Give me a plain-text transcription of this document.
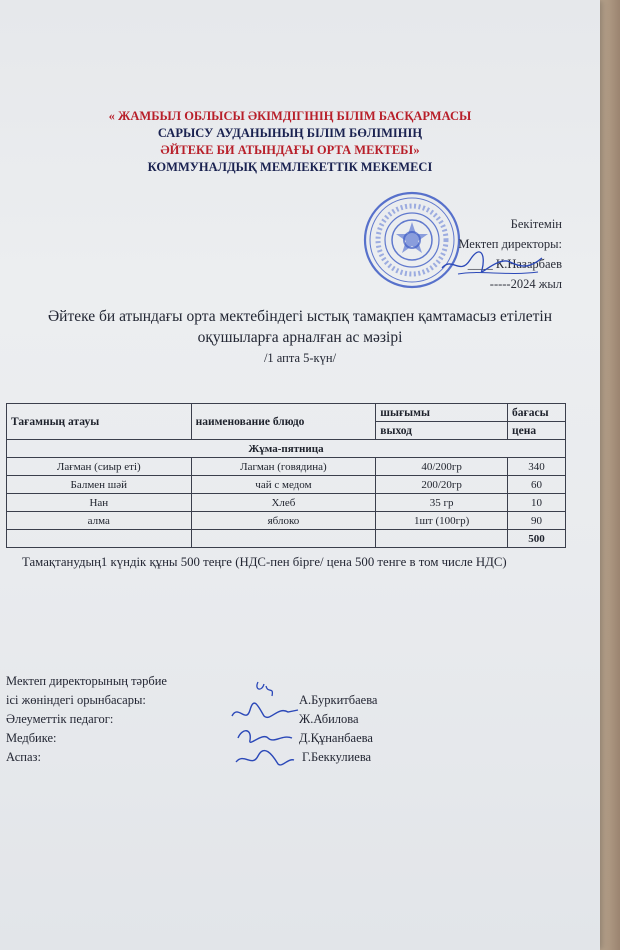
« ЖАМБЫЛ ОБЛЫСЫ ӘКІМДІГІНІҢ БІЛІМ БАСҚАРМАСЫ
САРЫСУ АУДАНЫНЫҢ БІЛІМ БӨЛІМІНІҢ
ӘЙТЕКЕ БИ АТЫНДАҒЫ ОРТА МЕКТЕБІ»
КОММУНАЛДЫҚ МЕМЛЕКЕТТІК МЕКЕМЕСІ
Бекітемін
Мектеп директоры:
____ К.Назарбаев
-----2024 жыл
Әйтеке би атындағы орта мектебіндегі ыстық тамақпен қамтамасыз етілетін
оқушыларға арналған ас мәзірі
/1 апта 5-күн/
Тағамның атауы	наименование блюдо	шығымы	бағасы
		выход	цена
Жұма-пятница			
Лағман (сиыр еті)	Лагман (говядина)	40/200гр	340
Балмен шәй	чай с медом	200/20гр	60
Нан	Хлеб	35 гр	10
алма	яблоко	1шт (100гр)	90
			500
Тамақтанудың1 күндік құны 500 теңге (НДС-пен бірге/ цена 500 тенге в том числе НДС)
Мектеп директорының тәрбие
ісі жөніндегі орынбасары:	А.Буркитбаева
Әлеуметтік педагог:	Ж.Абилова
Медбике:	Д.Құнанбаева
Аспаз:	Г.Беккулиева
